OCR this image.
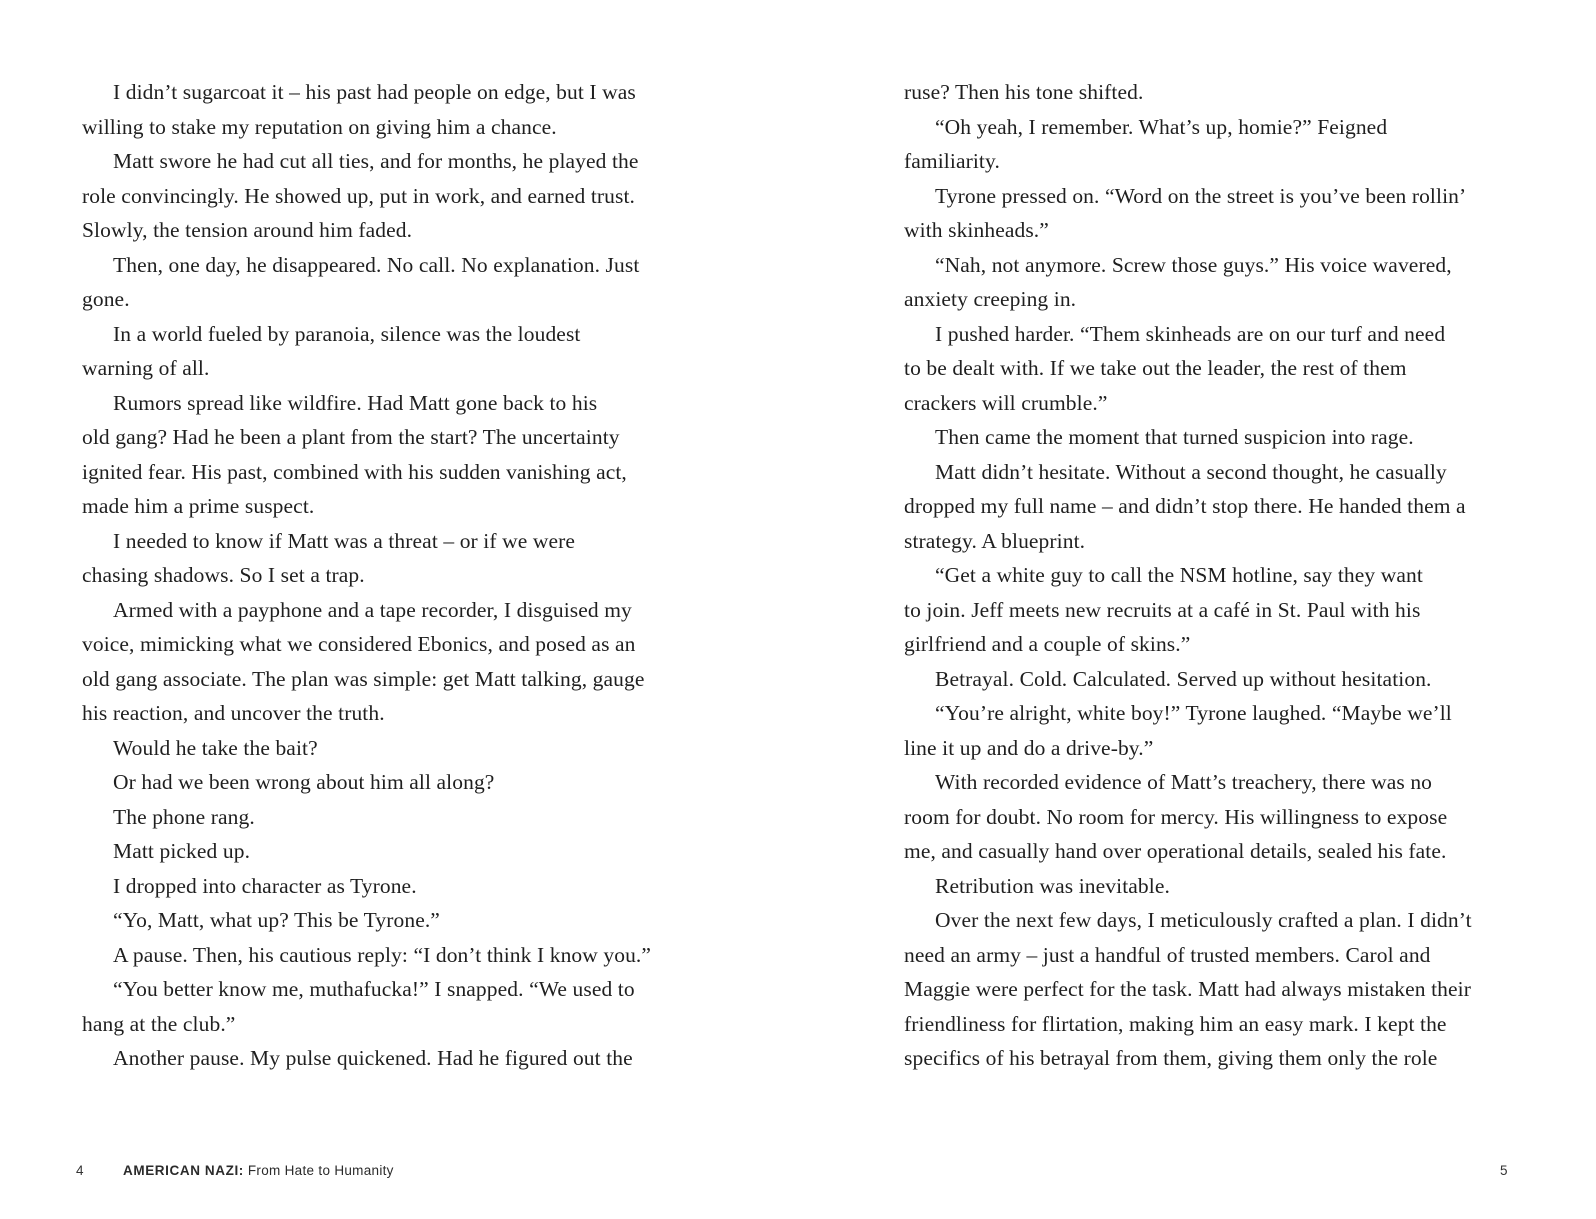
I didn’t sugarcoat it – his past had people on edge, but I was
willing to stake my reputation on giving him a chance.
Matt swore he had cut all ties, and for months, he played the
role convincingly. He showed up, put in work, and earned trust.
Slowly, the tension around him faded.
Then, one day, he disappeared. No call. No explanation. Just
gone.
In a world fueled by paranoia, silence was the loudest
warning of all.
Rumors spread like wildfire. Had Matt gone back to his
old gang? Had he been a plant from the start? The uncertainty
ignited fear. His past, combined with his sudden vanishing act,
made him a prime suspect.
I needed to know if Matt was a threat – or if we were
chasing shadows. So I set a trap.
Armed with a payphone and a tape recorder, I disguised my
voice, mimicking what we considered Ebonics, and posed as an
old gang associate. The plan was simple: get Matt talking, gauge
his reaction, and uncover the truth.
Would he take the bait?
Or had we been wrong about him all along?
The phone rang.
Matt picked up.
I dropped into character as Tyrone.
“Yo, Matt, what up? This be Tyrone.”
A pause. Then, his cautious reply: “I don’t think I know you.”
“You better know me, muthafucka!” I snapped. “We used to
hang at the club.”
Another pause. My pulse quickened. Had he figured out the
ruse? Then his tone shifted.
“Oh yeah, I remember. What’s up, homie?” Feigned
familiarity.
Tyrone pressed on. “Word on the street is you’ve been rollin’
with skinheads.”
“Nah, not anymore. Screw those guys.” His voice wavered,
anxiety creeping in.
I pushed harder. “Them skinheads are on our turf and need
to be dealt with. If we take out the leader, the rest of them
crackers will crumble.”
Then came the moment that turned suspicion into rage.
Matt didn’t hesitate. Without a second thought, he casually
dropped my full name – and didn’t stop there. He handed them a
strategy. A blueprint.
“Get a white guy to call the NSM hotline, say they want
to join. Jeff meets new recruits at a café in St. Paul with his
girlfriend and a couple of skins.”
Betrayal. Cold. Calculated. Served up without hesitation.
“You’re alright, white boy!” Tyrone laughed. “Maybe we’ll
line it up and do a drive-by.”
With recorded evidence of Matt’s treachery, there was no
room for doubt. No room for mercy. His willingness to expose
me, and casually hand over operational details, sealed his fate.
Retribution was inevitable.
Over the next few days, I meticulously crafted a plan. I didn’t
need an army – just a handful of trusted members. Carol and
Maggie were perfect for the task. Matt had always mistaken their
friendliness for flirtation, making him an easy mark. I kept the
specifics of his betrayal from them, giving them only the role
4	AMERICAN NAZI: From Hate to Humanity	5
